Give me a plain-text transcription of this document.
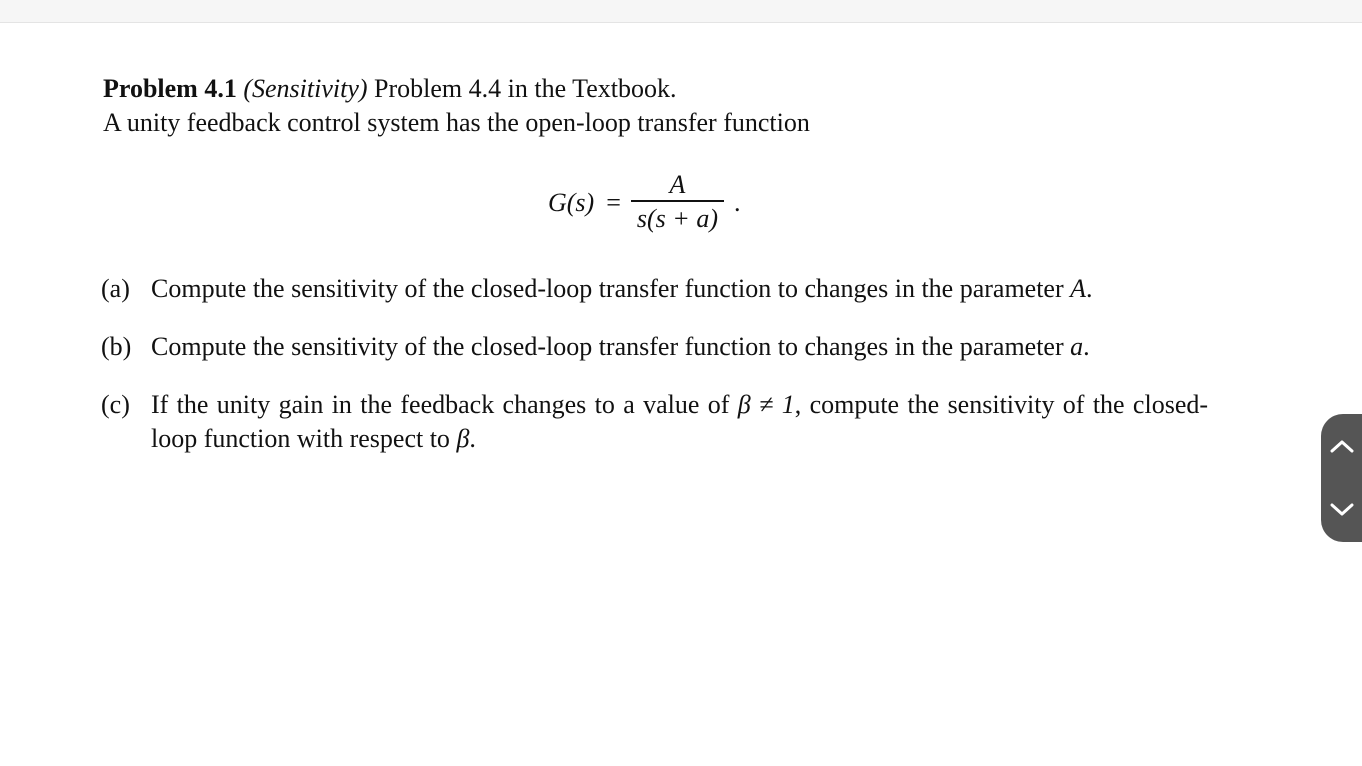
Problem 4.1 (Sensitivity) Problem 4.4 in the Textbook.
A unity feedback control system has the open-loop transfer function
$G(s) = \frac{A}{s(s + a)}$ .
(a) Compute the sensitivity of the closed-loop transfer function to changes in the parameter A.
(b) Compute the sensitivity of the closed-loop transfer function to changes in the parameter a.
(c) If the unity gain in the feedback changes to a value of β ≠ 1, compute the sensitivity of the closed-loop function with respect to β.
